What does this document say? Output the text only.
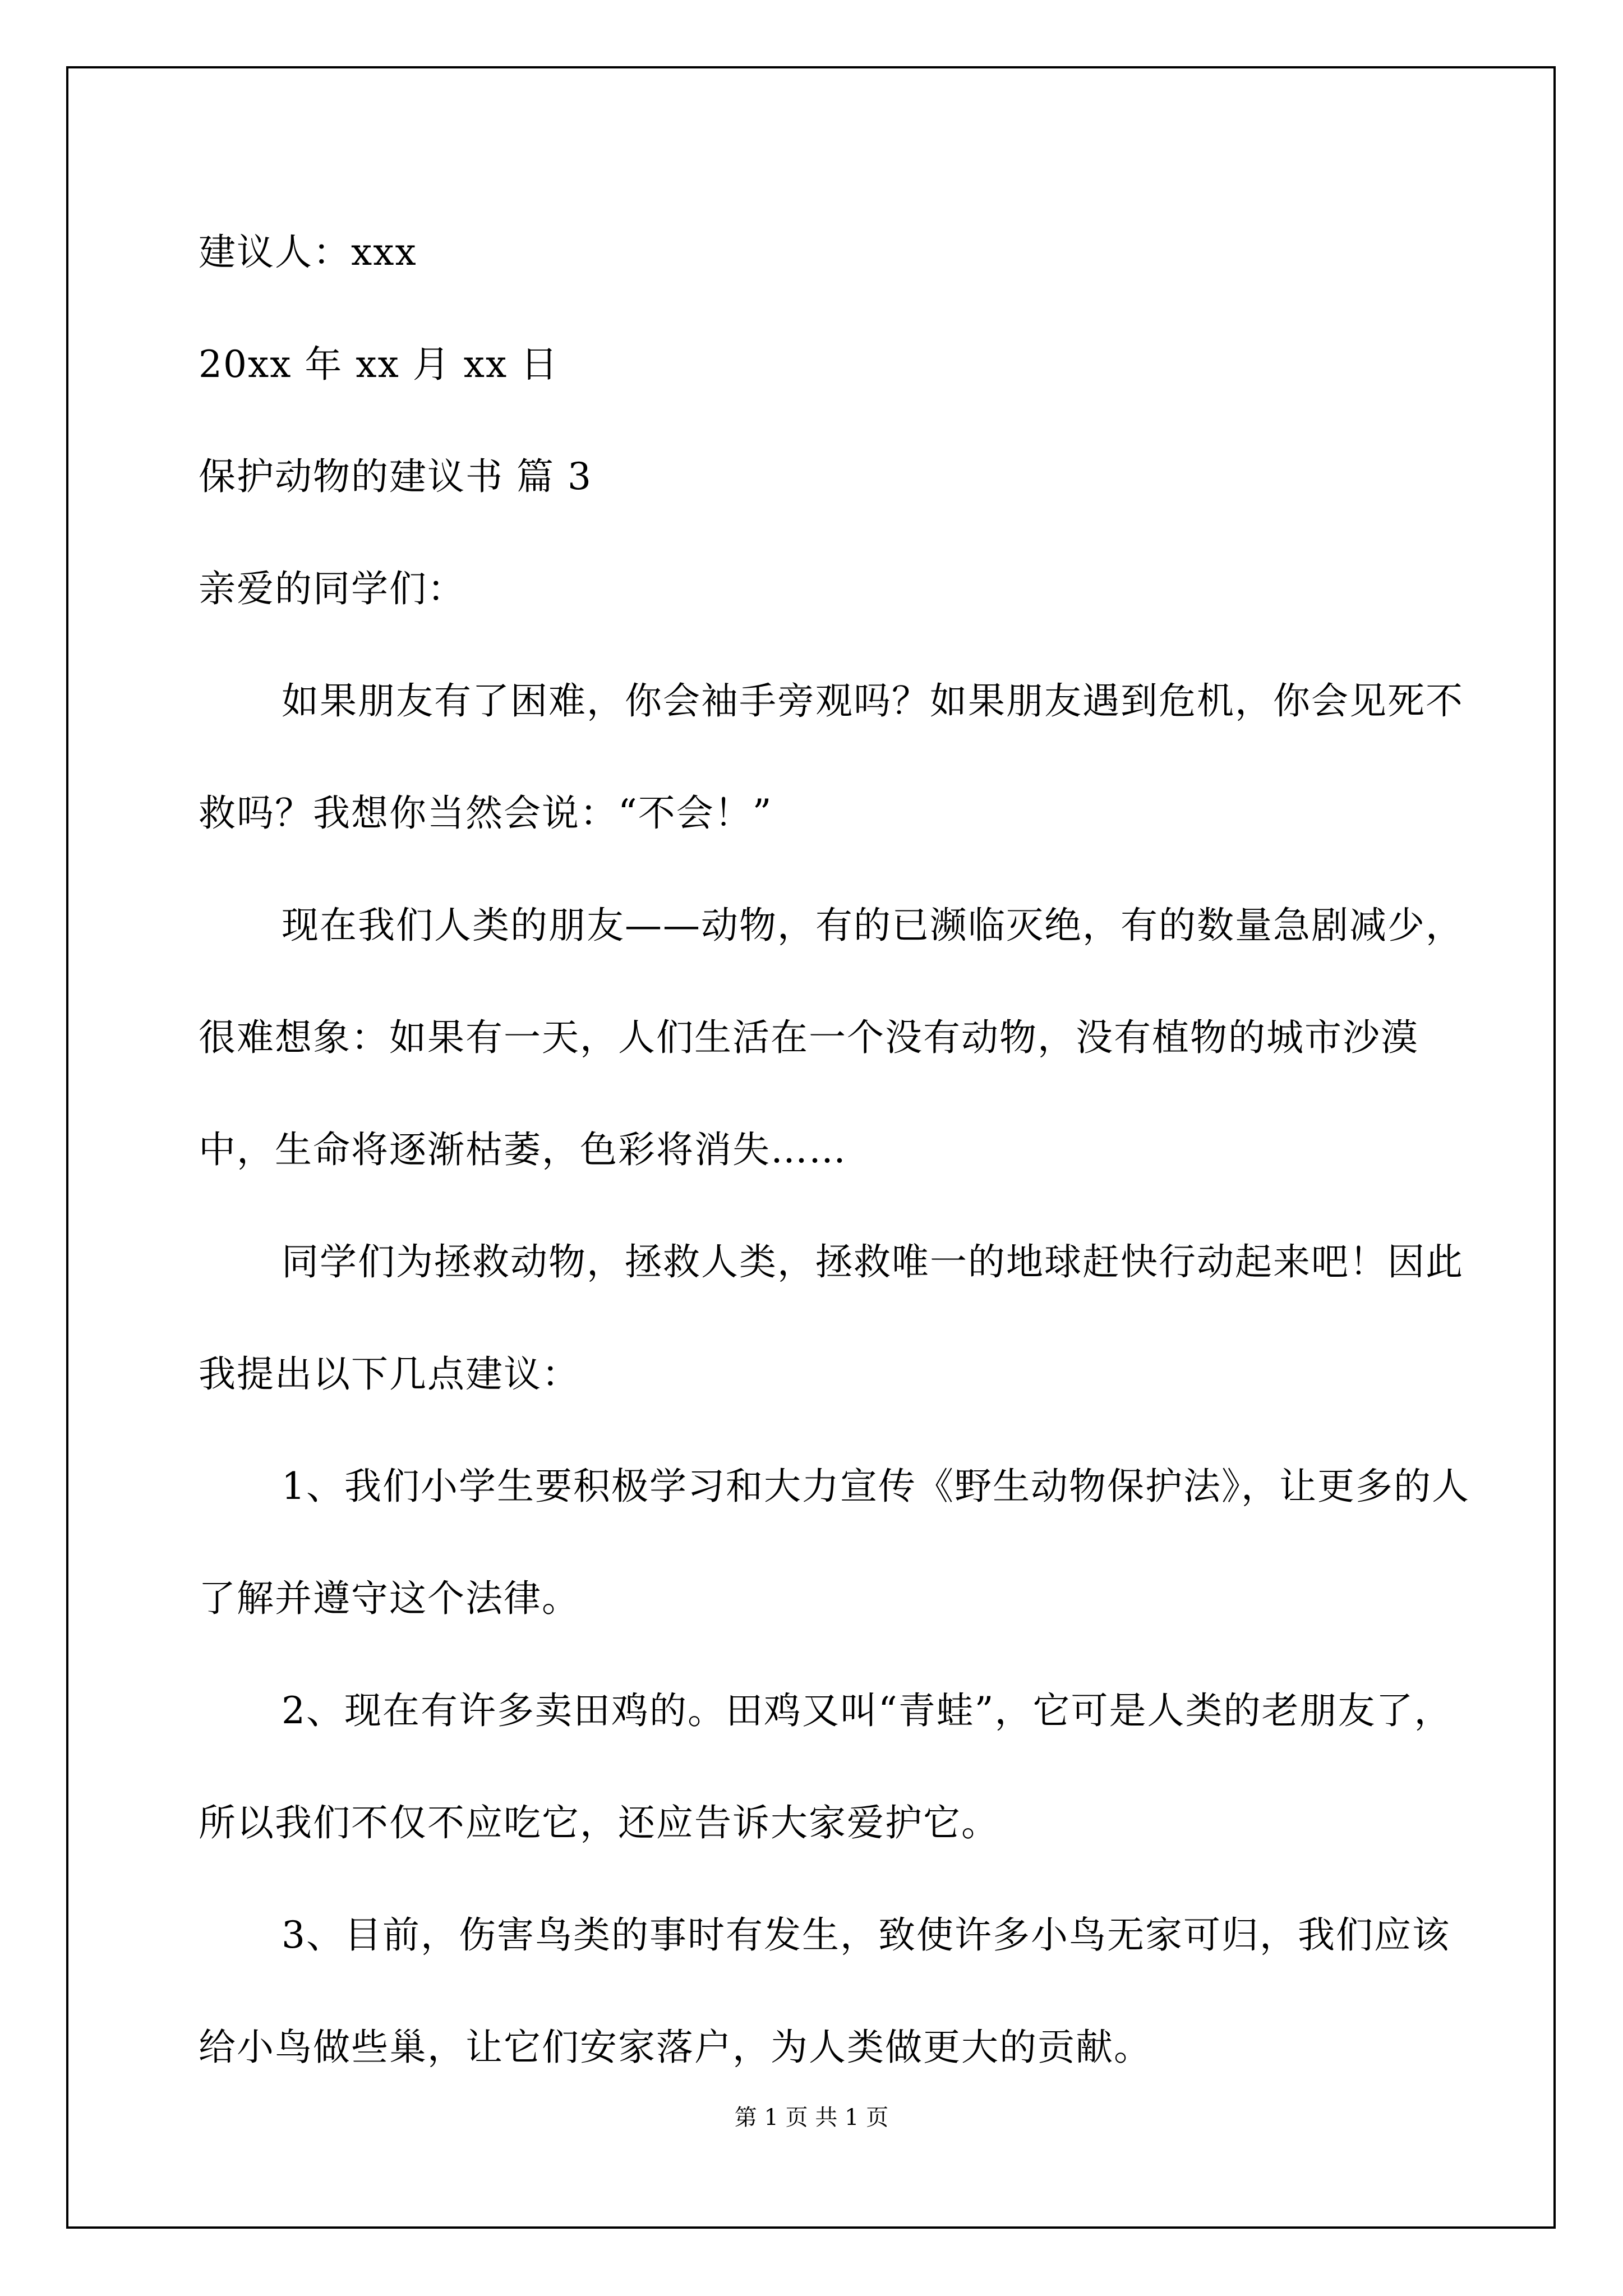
建议人：xxx
20xx 年 xx 月 xx 日
保护动物的建议书 篇 3
亲爱的同学们：

如果朋友有了困难，你会袖手旁观吗？如果朋友遇到危机，你会见死不救吗？我想你当然会说：“不会！”

现在我们人类的朋友——动物，有的已濒临灭绝，有的数量急剧减少，很难想象：如果有一天，人们生活在一个没有动物，没有植物的城市沙漠中，生命将逐渐枯萎，色彩将消失……

同学们为拯救动物，拯救人类，拯救唯一的地球赶快行动起来吧！因此我提出以下几点建议：

1、我们小学生要积极学习和大力宣传《野生动物保护法》，让更多的人了解并遵守这个法律。

2、现在有许多卖田鸡的。田鸡又叫“青蛙”，它可是人类的老朋友了，所以我们不仅不应吃它，还应告诉大家爱护它。

3、目前，伤害鸟类的事时有发生，致使许多小鸟无家可归，我们应该给小鸟做些巢，让它们安家落户，为人类做更大的贡献。

第 1 页 共 1 页
